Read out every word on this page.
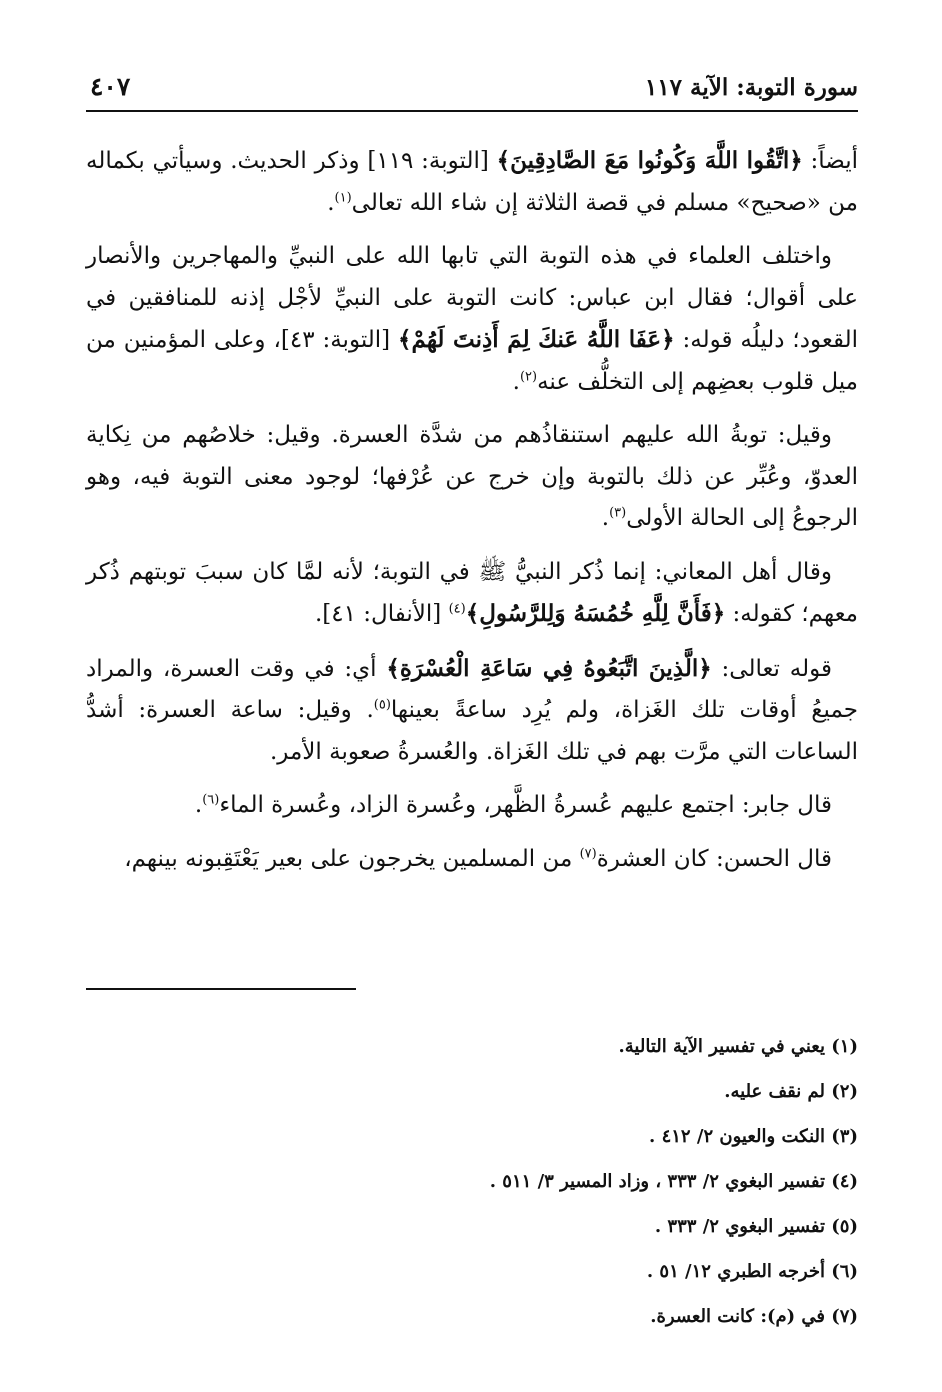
سورة التوبة: الآية ١١٧
٤٠٧

أيضاً: ﴿اتَّقُوا اللَّهَ وَكُونُوا مَعَ الصَّادِقِينَ﴾ [التوبة: ١١٩] وذكر الحديث. وسيأتي بكماله من «صحيح» مسلم في قصة الثلاثة إن شاء الله تعالى$^{(١)}$.

واختلف العلماء في هذه التوبة التي تابها الله على النبيِّ والمهاجرين والأنصار على أقوال؛ فقال ابن عباس: كانت التوبة على النبيِّ لأجْل إذنه للمنافقين في القعود؛ دليلُه قوله: ﴿عَفَا اللَّهُ عَنكَ لِمَ أَذِنتَ لَهُمْ﴾ [التوبة: ٤٣]، وعلى المؤمنين من ميل قلوب بعضِهم إلى التخلُّف عنه$^{(٢)}$.

وقيل: توبةُ الله عليهم استنقاذُهم من شدَّة العسرة. وقيل: خلاصُهم من نِكاية العدوّ، وعُبِّر عن ذلك بالتوبة وإن خرج عن عُرْفها؛ لوجود معنى التوبة فيه، وهو الرجوعُ إلى الحالة الأولى$^{(٣)}$.

وقال أهل المعاني: إنما ذُكر النبيُّ ﷺ في التوبة؛ لأنه لمَّا كان سببَ توبتهم ذُكر معهم؛ كقوله: ﴿فَأَنَّ لِلَّهِ خُمُسَهُ وَلِلرَّسُولِ﴾$^{(٤)}$ [الأنفال: ٤١].

قوله تعالى: ﴿الَّذِينَ اتَّبَعُوهُ فِي سَاعَةِ الْعُسْرَةِ﴾ أي: في وقت العسرة، والمراد جميعُ أوقات تلك الغَزاة، ولم يُرِد ساعةً بعينها$^{(٥)}$. وقيل: ساعة العسرة: أشدُّ الساعات التي مرَّت بهم في تلك الغَزاة. والعُسرةُ صعوبة الأمر.

قال جابر: اجتمع عليهم عُسرةُ الظَّهر، وعُسرة الزاد، وعُسرة الماء$^{(٦)}$.

قال الحسن: كان العشرة$^{(٧)}$ من المسلمين يخرجون على بعير يَعْتَقِبونه بينهم،

(١) يعني في تفسير الآية التالية.
(٢) لم نقف عليه.
(٣) النكت والعيون ٢/ ٤١٢ .
(٤) تفسير البغوي ٢/ ٣٣٣ ، وزاد المسير ٣/ ٥١١ .
(٥) تفسير البغوي ٢/ ٣٣٣ .
(٦) أخرجه الطبري ١٢/ ٥١ .
(٧) في (م): كانت العسرة.
